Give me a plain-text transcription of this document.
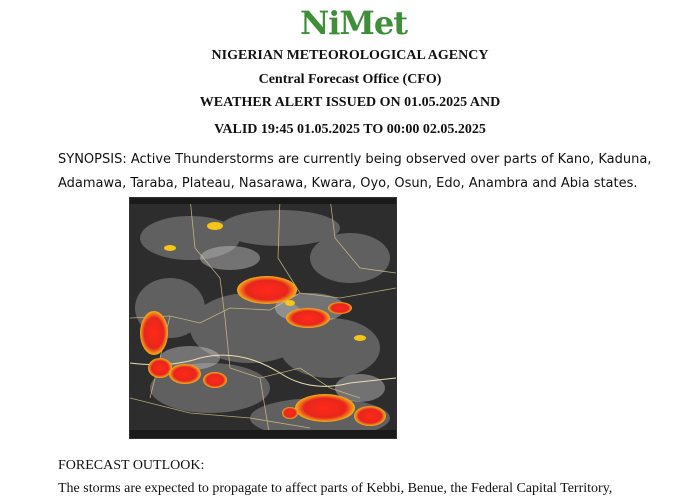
NiMet
NIGERIAN METEOROLOGICAL AGENCY
Central Forecast Office (CFO)
WEATHER ALERT ISSUED ON 01.05.2025 AND
VALID 19:45 01.05.2025 TO 00:00 02.05.2025
SYNOPSIS: Active Thunderstorms are currently being observed over parts of Kano, Kaduna,
Adamawa, Taraba, Plateau, Nasarawa, Kwara, Oyo, Osun, Edo, Anambra and Abia states.
FORECAST OUTLOOK:
The storms are expected to propagate to affect parts of Kebbi, Benue, the Federal Capital Territory,
